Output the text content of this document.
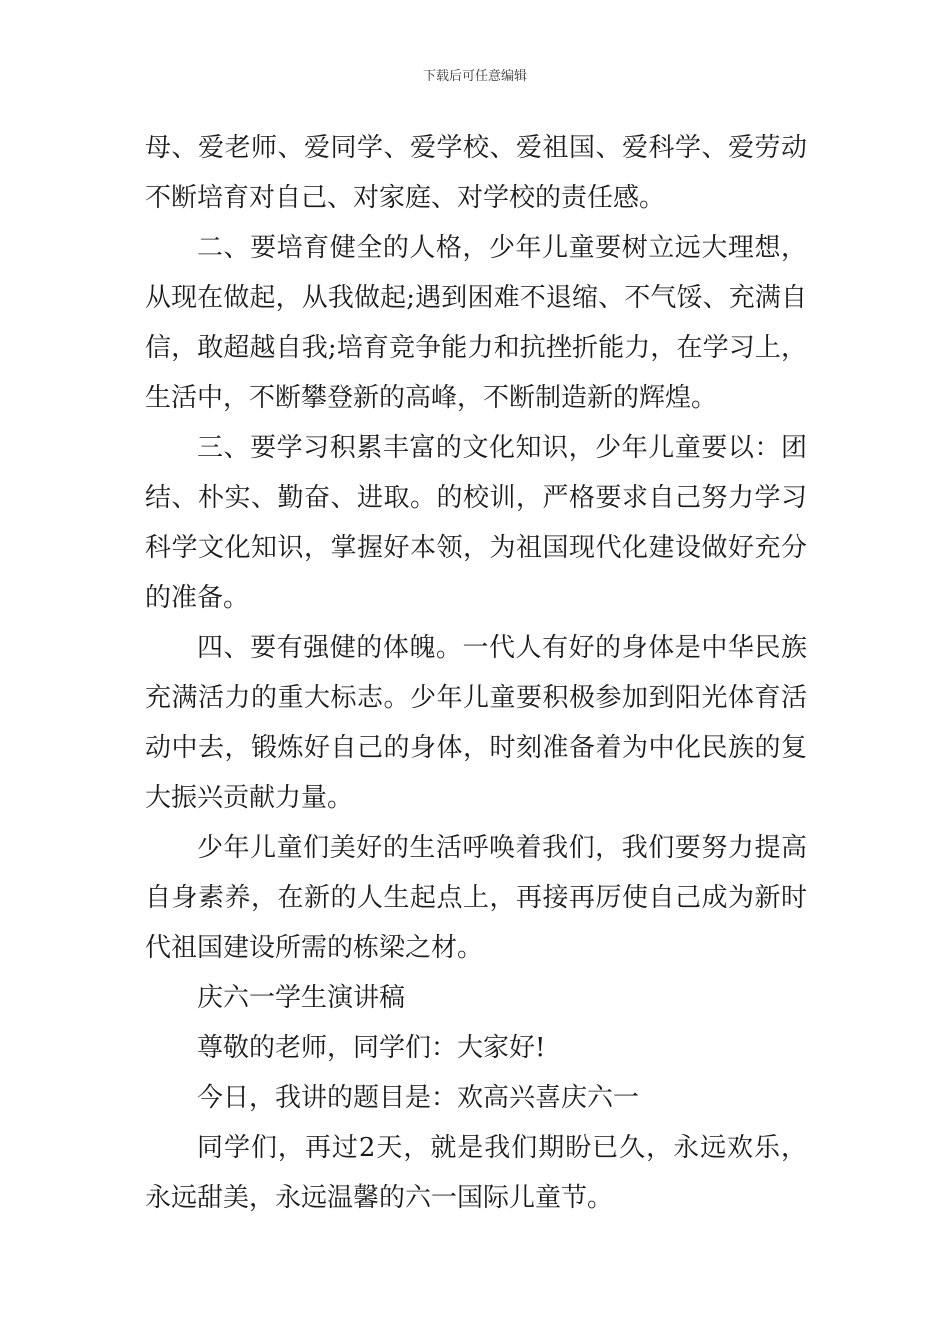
下载后可任意编辑

母、爱老师、爱同学、爱学校、爱祖国、爱科学、爱劳动不断培育对自己、对家庭、对学校的责任感。

二、要培育健全的人格，少年儿童要树立远大理想，从现在做起，从我做起;遇到困难不退缩、不气馁、充满自信，敢超越自我;培育竞争能力和抗挫折能力，在学习上，生活中，不断攀登新的高峰，不断制造新的辉煌。

三、要学习积累丰富的文化知识，少年儿童要以：团结、朴实、勤奋、进取。的校训，严格要求自己努力学习科学文化知识，掌握好本领，为祖国现代化建设做好充分的准备。

四、要有强健的体魄。一代人有好的身体是中华民族充满活力的重大标志。少年儿童要积极参加到阳光体育活动中去，锻炼好自己的身体，时刻准备着为中化民族的复大振兴贡献力量。

少年儿童们美好的生活呼唤着我们，我们要努力提高自身素养，在新的人生起点上，再接再厉使自己成为新时代祖国建设所需的栋梁之材。

庆六一学生演讲稿

尊敬的老师，同学们：大家好!

今日，我讲的题目是：欢高兴喜庆六一

同学们，再过2天，就是我们期盼已久，永远欢乐，永远甜美，永远温馨的六一国际儿童节。
